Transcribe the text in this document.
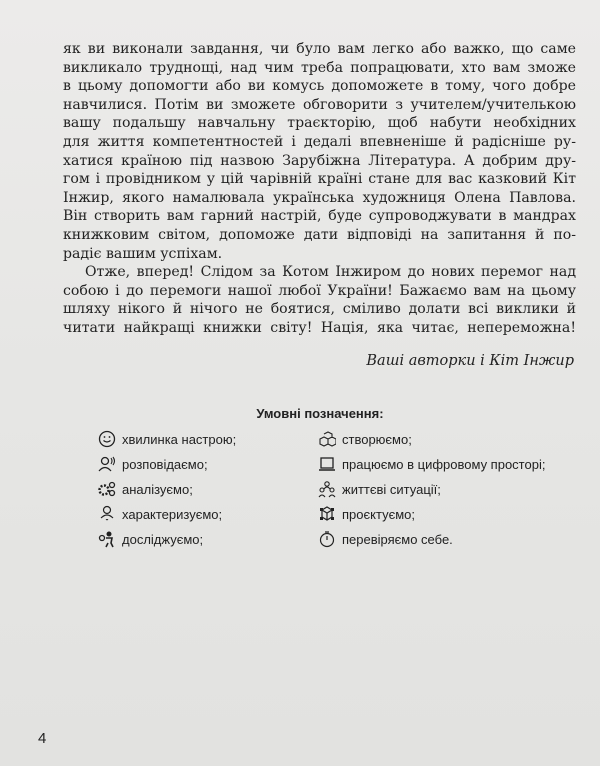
як ви виконали завдання, чи було вам легко або важко, що саме
викликало труднощі, над чим треба попрацювати, хто вам зможе
в цьому допомогти або ви комусь допоможете в тому, чого добре
навчилися. Потім ви зможете обговорити з учителем/учителькою
вашу подальшу навчальну траєкторію, щоб набути необхідних
для життя компетентностей і дедалі впевненіше й радісніше ру-
хатися країною під назвою Зарубіжна Література. А добрим дру-
гом і провідником у цій чарівній країні стане для вас казковий Кіт
Інжир, якого намалювала українська художниця Олена Павлова.
Він створить вам гарний настрій, буде супроводжувати в мандрах
книжковим світом, допоможе дати відповіді на запитання й по-
радіє вашим успіхам.
Отже, вперед! Слідом за Котом Інжиром до нових перемог над
собою і до перемоги нашої любої України! Бажаємо вам на цьому
шляху нікого й нічого не боятися, сміливо долати всі виклики й
читати найкращі книжки світу! Нація, яка читає, непереможна!
Ваші авторки і Кіт Інжир
Умовні позначення:
хвилинка настрою;
розповідаємо;
аналізуємо;
характеризуємо;
досліджуємо;
створюємо;
працюємо в цифровому просторі;
життєві ситуації;
проєктуємо;
перевіряємо себе.
4
